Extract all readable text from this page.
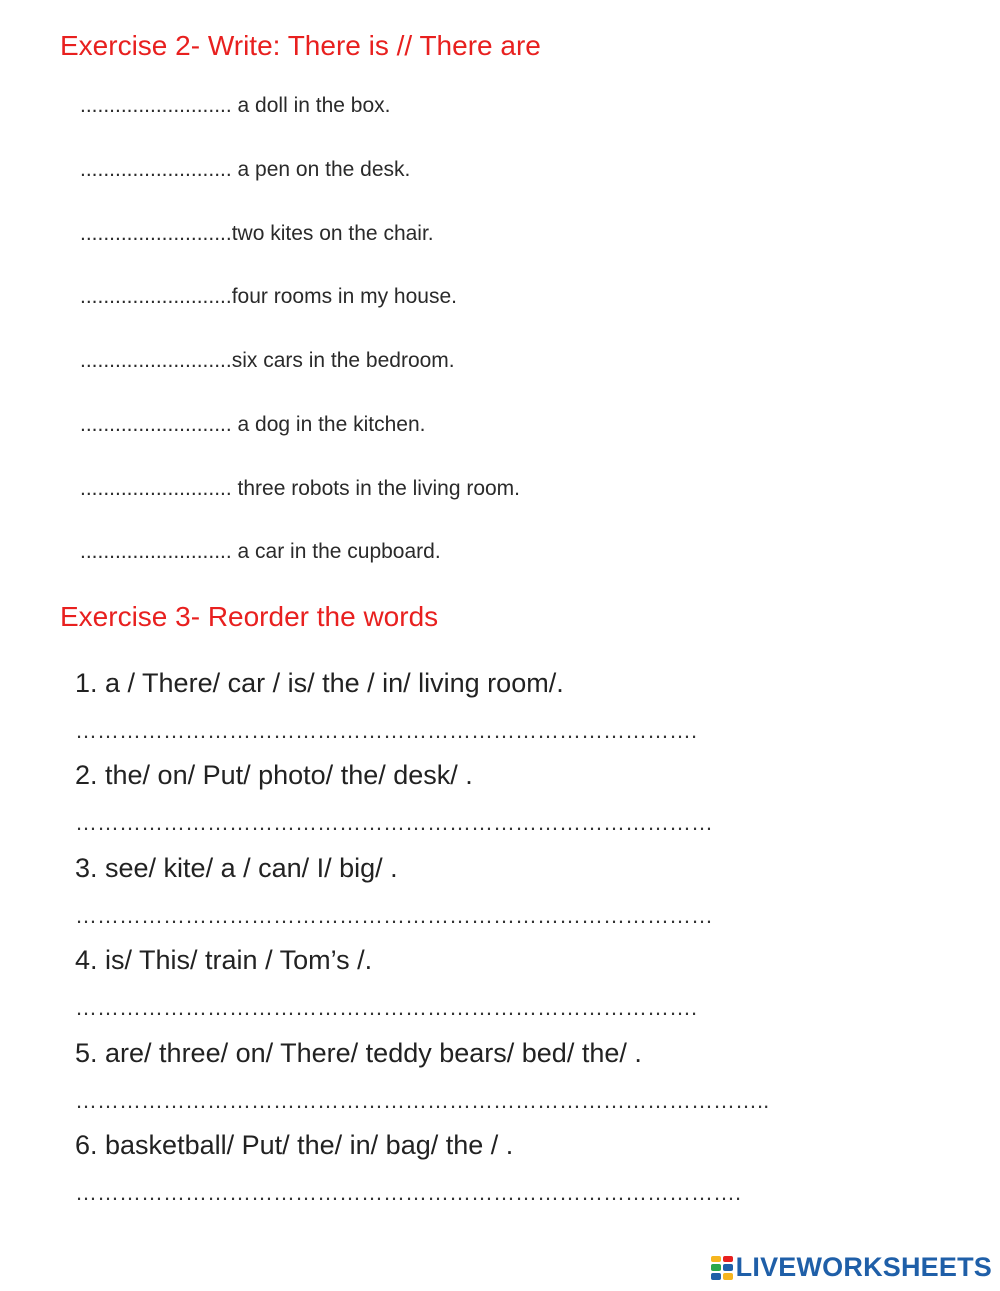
Exercise 2- Write: There is // There are
.......................... a doll in the box.
.......................... a pen on the desk.
..........................two kites on the chair.
..........................four rooms in my house.
..........................six cars in the bedroom.
.......................... a dog in the kitchen.
.......................... three robots in the living room.
.......................... a car in the cupboard.
Exercise 3- Reorder the words
1. a / There/ car / is/ the / in/ living room/.
………………………………………………………………………….
2. the/ on/ Put/ photo/ the/ desk/ .
……………………………………………………………………………
3. see/ kite/ a / can/ I/ big/ .
……………………………………………………………………………
4. is/ This/ train / Tom’s /.
………………………………………………………………………….
5. are/ three/ on/ There/ teddy bears/ bed/ the/ .
…………………………………………………………………………………..
6. basketball/ Put/ the/ in/ bag/ the / .
……………………………………………………………………………….
LIVEWORKSHEETS
